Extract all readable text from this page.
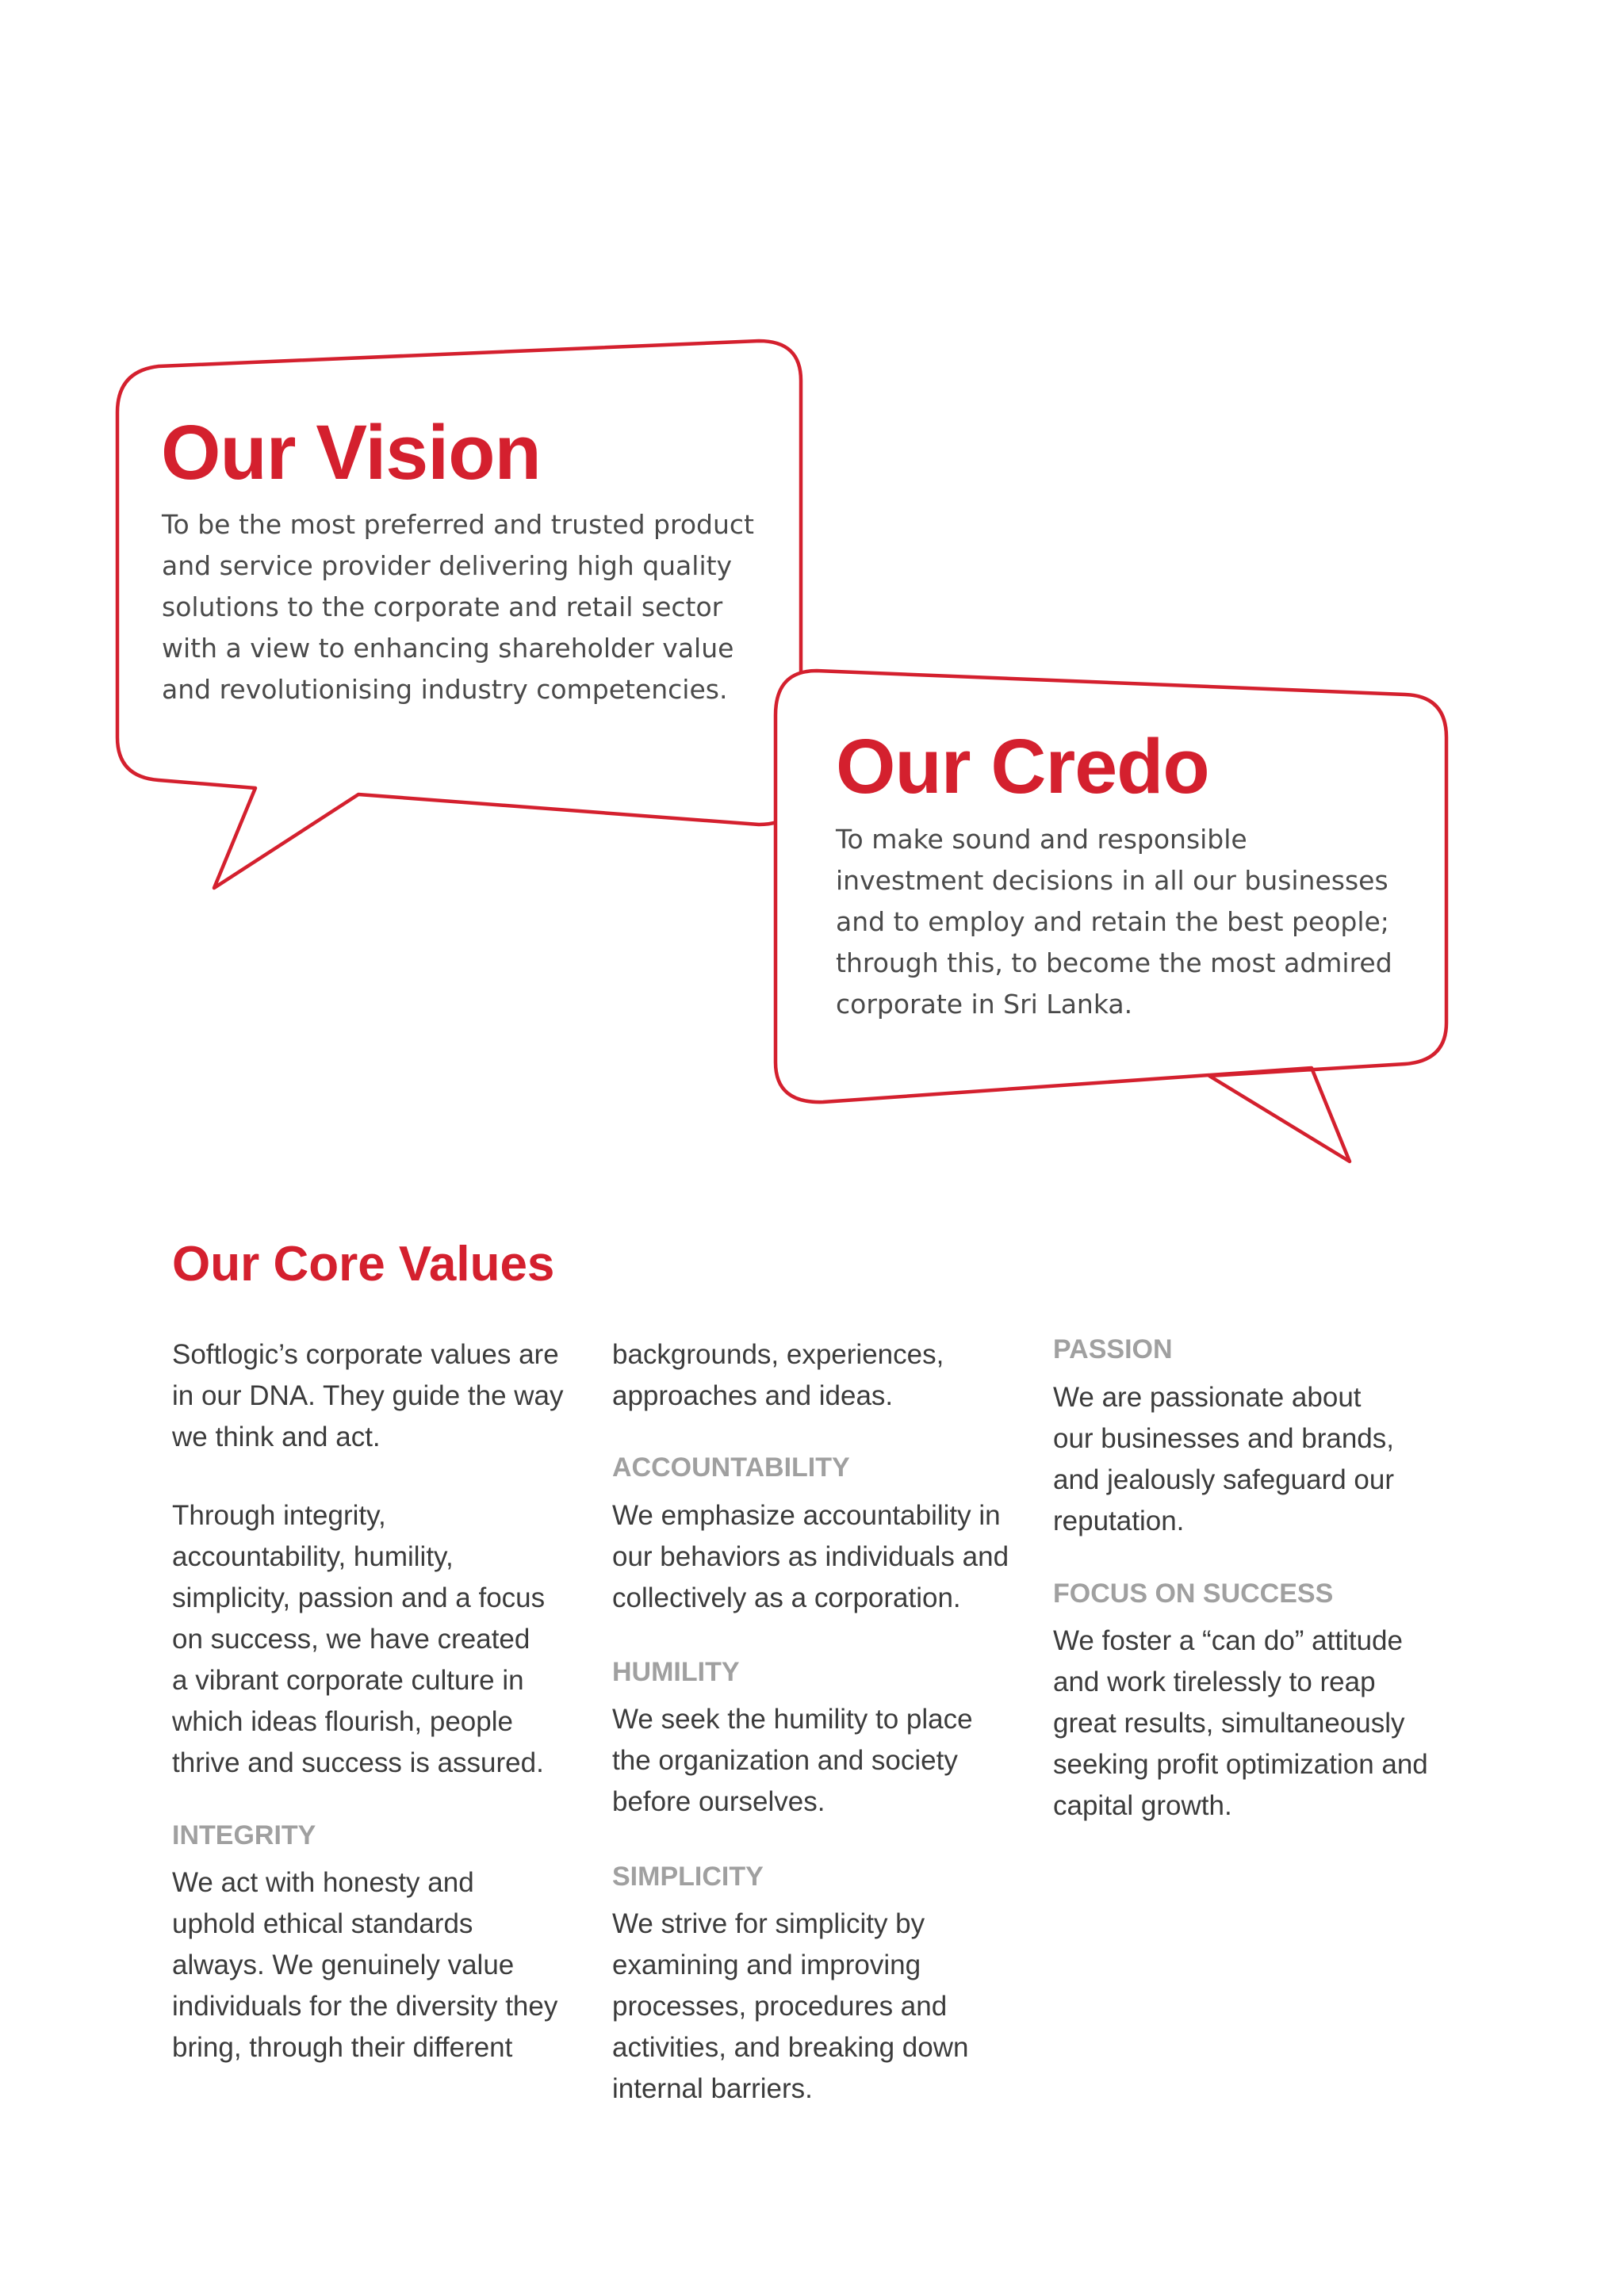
Our Vision
To be the most preferred and trusted product
and service provider delivering high quality
solutions to the corporate and retail sector
with a view to enhancing shareholder value
and revolutionising industry competencies.
Our Credo
To make sound and responsible
investment decisions in all our businesses
and to employ and retain the best people;
through this, to become the most admired
corporate in Sri Lanka.
Our Core Values
Softlogic’s corporate values are
in our DNA. They guide the way
we think and act.
Through integrity,
accountability, humility,
simplicity, passion and a focus
on success, we have created
a vibrant corporate culture in
which ideas flourish, people
thrive and success is assured.
INTEGRITY
We act with honesty and
uphold ethical standards
always. We genuinely value
individuals for the diversity they
bring, through their different
backgrounds, experiences,
approaches and ideas.
ACCOUNTABILITY
We emphasize accountability in
our behaviors as individuals and
collectively as a corporation.
HUMILITY
We seek the humility to place
the organization and society
before ourselves.
SIMPLICITY
We strive for simplicity by
examining and improving
processes, procedures and
activities, and breaking down
internal barriers.
PASSION
We are passionate about
our businesses and brands,
and jealously safeguard our
reputation.
FOCUS ON SUCCESS
We foster a “can do” attitude
and work tirelessly to reap
great results, simultaneously
seeking profit optimization and
capital growth.
